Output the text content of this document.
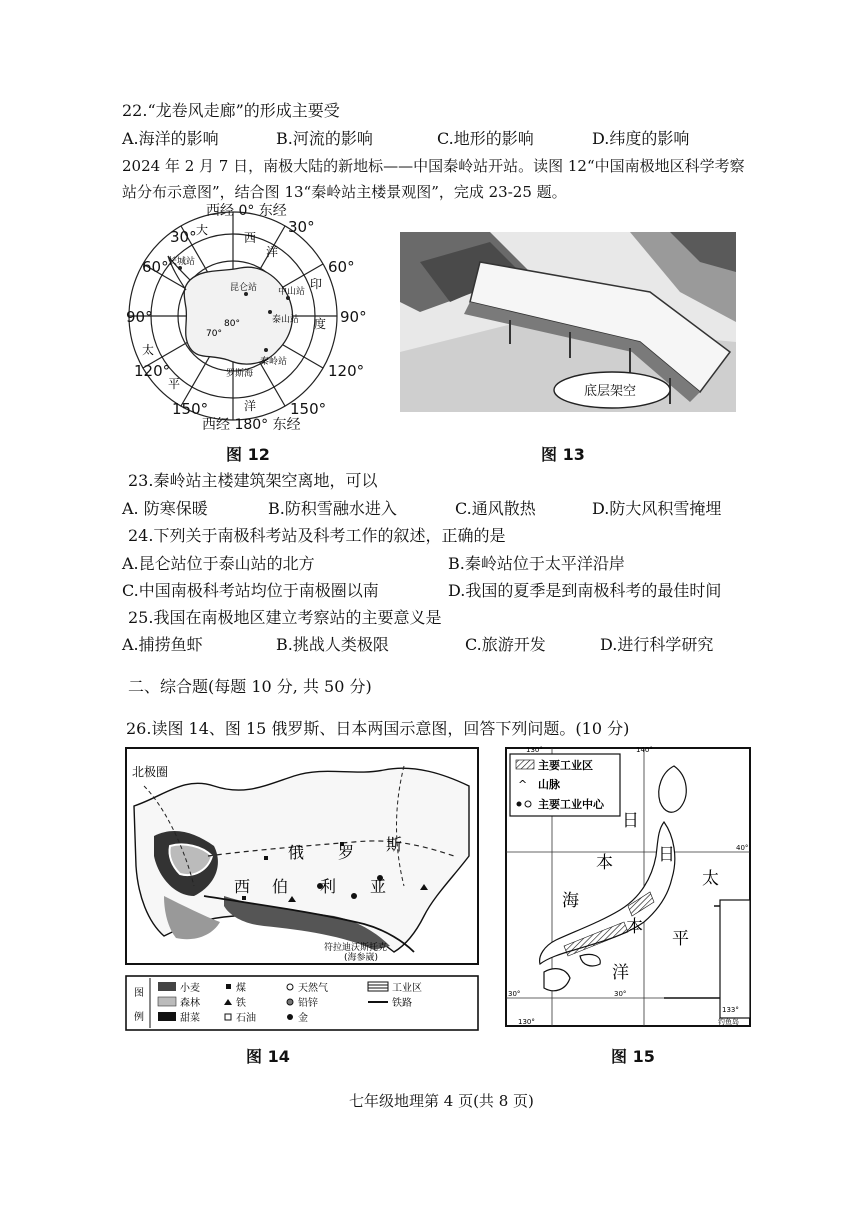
22.“龙卷风走廊”的形成主要受
A.海洋的影响	B.河流的影响	C.地形的影响	D.纬度的影响
2024 年 2 月 7 日，南极大陆的新地标——中国秦岭站开站。读图 12“中国南极地区科学考察
站分布示意图”，结合图 13“秦岭站主楼景观图”，完成 23-25 题。
长城站
中山站
昆仑站
泰山站
秦岭站
罗斯海
70°
80°
大
西
洋
印
度
太
平
洋
西经 0° 东经
西经 180° 东经
30°
60°
90°
120°
150°
30°
60°
90°
120°
150°
图 12
底层架空
图 13
23.秦岭站主楼建筑架空离地，可以
A. 防寒保暖	B.防积雪融水进入	C.通风散热	D.防大风积雪掩埋
24.下列关于南极科考站及科考工作的叙述，正确的是
A.昆仑站位于泰山站的北方	B.秦岭站位于太平洋沿岸
C.中国南极科考站均位于南极圈以南	D.我国的夏季是到南极科考的最佳时间
25.我国在南极地区建立考察站的主要意义是
A.捕捞鱼虾	B.挑战人类极限	C.旅游开发	D.进行科学研究
二、综合题(每题 10 分, 共 50 分)
26.读图 14、图 15 俄罗斯、日本两国示意图，回答下列问题。(10 分)
北极圈
俄 罗 斯
西 伯 利 亚
符拉迪沃斯托克
(海参崴)
图
例
小麦
森林
甜菜
煤
铁
石油
天然气
铅锌
金
工业区
铁路
图 14
主要工业区
^ 山脉
主要工业中心
130°	140°
40°
30°	30°
130°
133°
钓鱼岛
日
本
海
日
本
太
平
洋
图 15
七年级地理第 4 页(共 8 页)
